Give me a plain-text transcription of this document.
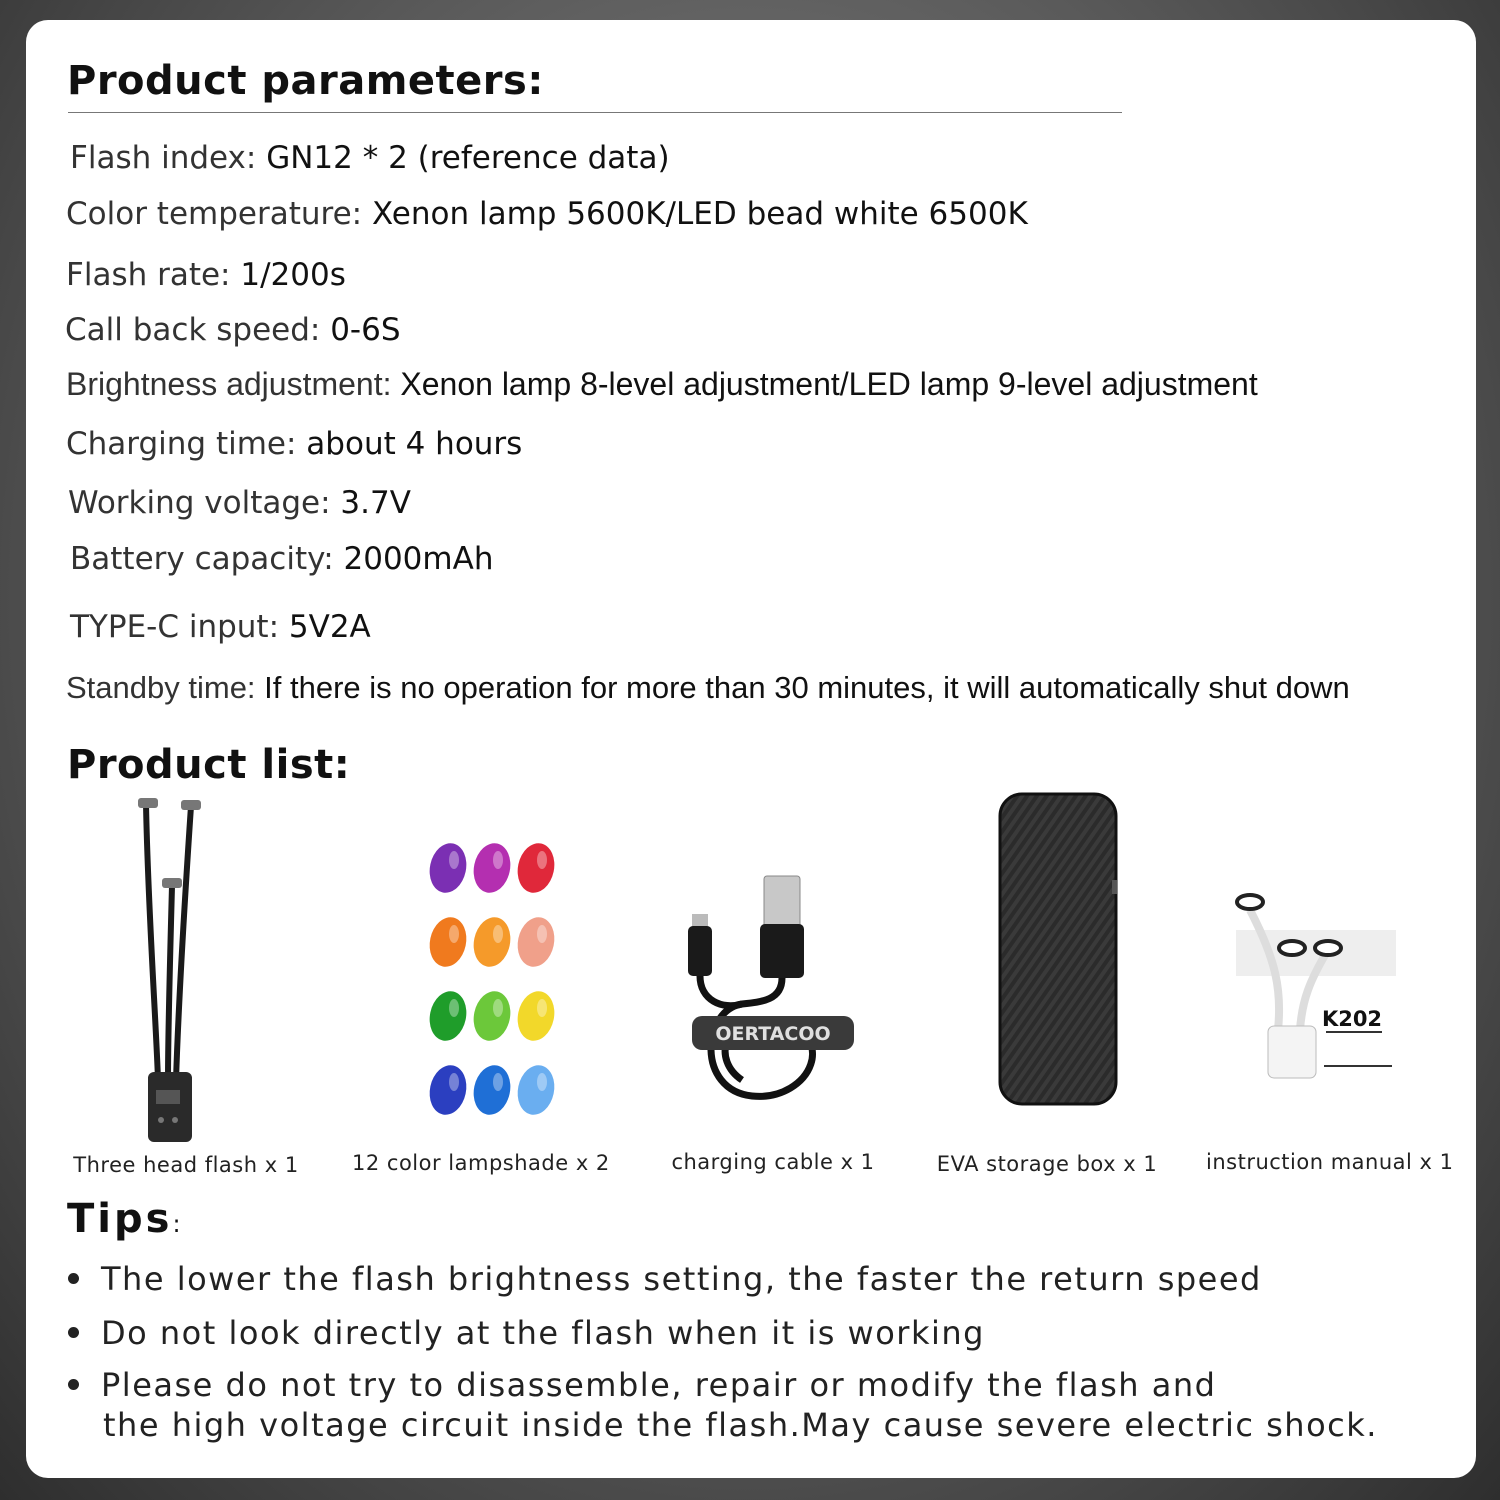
Product parameters:
Flash index: GN12 * 2 (reference data)
Color temperature: Xenon lamp 5600K/LED bead white 6500K
Flash rate: 1/200s
Call back speed: 0-6S
Brightness adjustment: Xenon lamp 8-level adjustment/LED lamp 9-level adjustment
Charging time: about 4 hours
Working voltage: 3.7V
Battery capacity: 2000mAh
TYPE-C input: 5V2A
Standby time: If there is no operation for more than 30 minutes, it will automatically shut down
Product list:
Three head flash x 1	12 color lampshade x 2
OERTACOO
charging cable x 1	EVA storage box x 1
K202
instruction manual x 1
Tips:
The lower the flash brightness setting, the faster the return speed
Do not look directly at the flash when it is working
Please do not try to disassemble, repair or modify the flash and
the high voltage circuit inside the flash.May cause severe electric shock.
